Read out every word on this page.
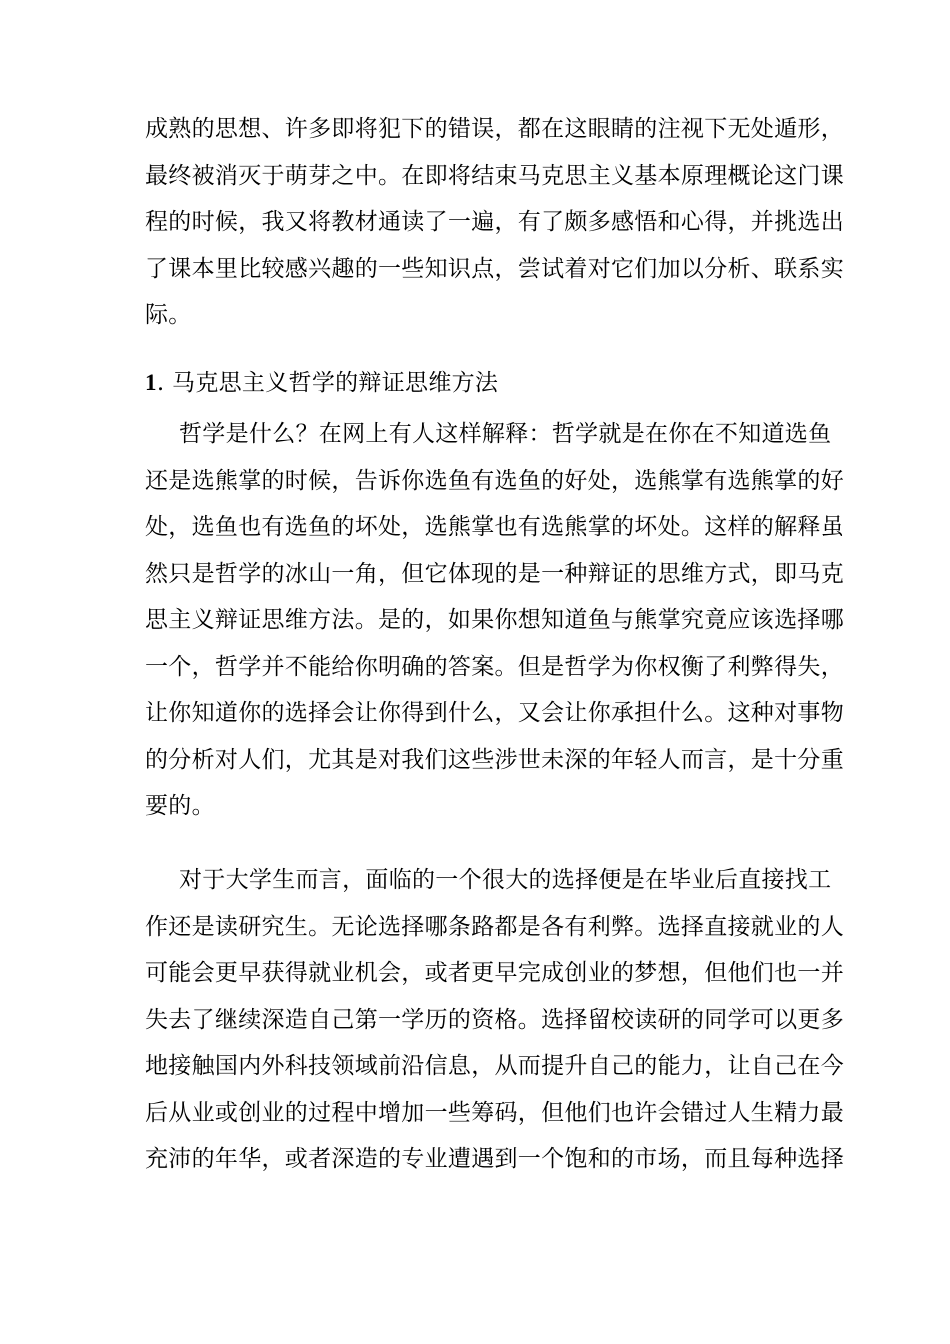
成熟的思想、许多即将犯下的错误，都在这眼睛的注视下无处遁形，
最终被消灭于萌芽之中。在即将结束马克思主义基本原理概论这门课
程的时候，我又将教材通读了一遍，有了颇多感悟和心得，并挑选出
了课本里比较感兴趣的一些知识点，尝试着对它们加以分析、联系实
际。
1. 马克思主义哲学的辩证思维方法
哲学是什么？在网上有人这样解释：哲学就是在你在不知道选鱼
还是选熊掌的时候，告诉你选鱼有选鱼的好处，选熊掌有选熊掌的好
处，选鱼也有选鱼的坏处，选熊掌也有选熊掌的坏处。这样的解释虽
然只是哲学的冰山一角，但它体现的是一种辩证的思维方式，即马克
思主义辩证思维方法。是的，如果你想知道鱼与熊掌究竟应该选择哪
一个，哲学并不能给你明确的答案。但是哲学为你权衡了利弊得失，
让你知道你的选择会让你得到什么，又会让你承担什么。这种对事物
的分析对人们，尤其是对我们这些涉世未深的年轻人而言，是十分重
要的。
对于大学生而言，面临的一个很大的选择便是在毕业后直接找工
作还是读研究生。无论选择哪条路都是各有利弊。选择直接就业的人
可能会更早获得就业机会，或者更早完成创业的梦想，但他们也一并
失去了继续深造自己第一学历的资格。选择留校读研的同学可以更多
地接触国内外科技领域前沿信息，从而提升自己的能力，让自己在今
后从业或创业的过程中增加一些筹码，但他们也许会错过人生精力最
充沛的年华，或者深造的专业遭遇到一个饱和的市场，而且每种选择
